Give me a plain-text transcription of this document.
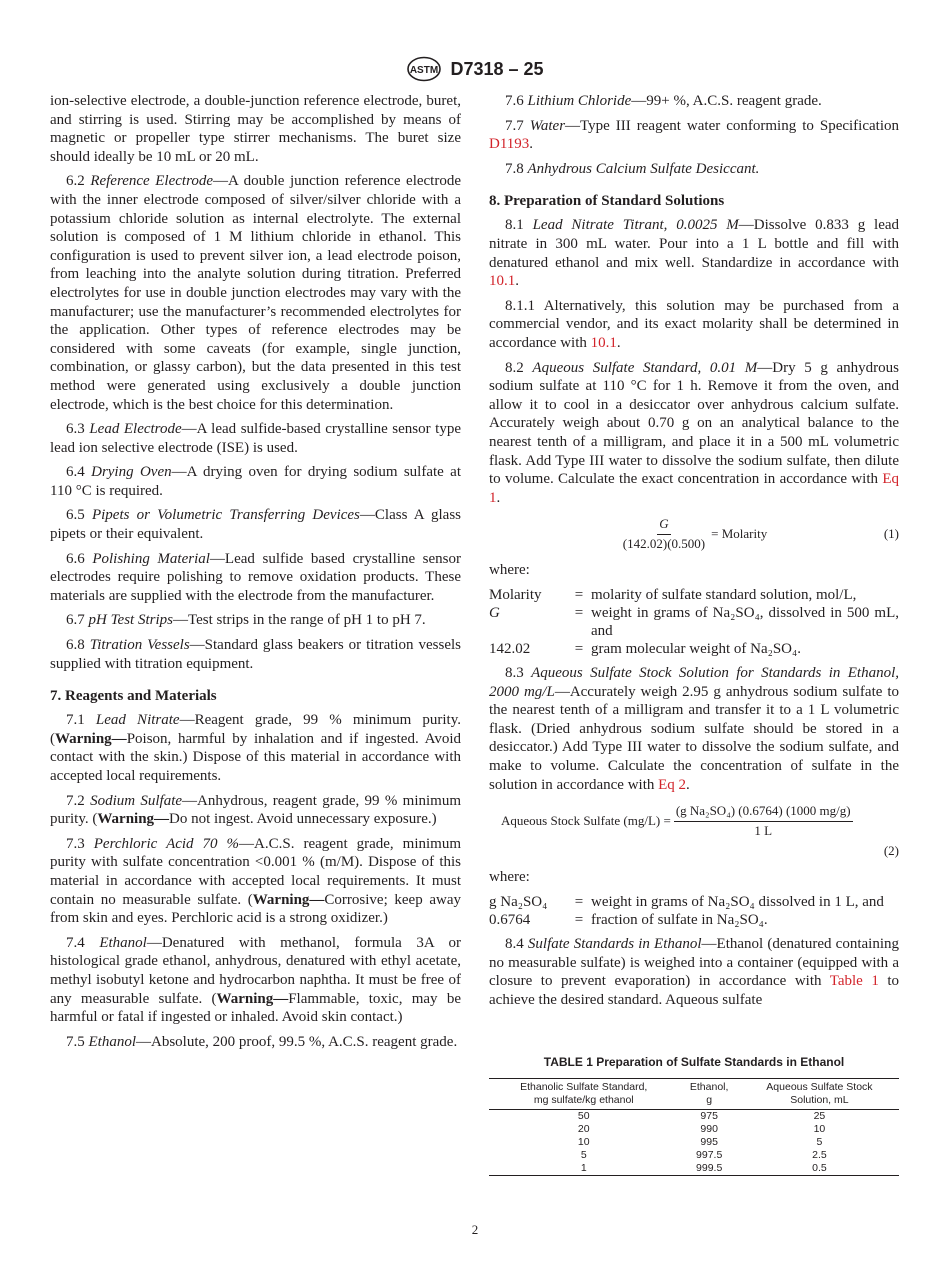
ASTM D7318 – 25

ion-selective electrode, a double-junction reference electrode, buret, and stirring is used. Stirring may be accomplished by means of magnetic or propeller type stirrer mechanisms. The buret size should ideally be 10 mL or 20 mL.

6.2 Reference Electrode—A double junction reference electrode with the inner electrode composed of silver/silver chloride with a potassium chloride solution as internal electrolyte. The external solution is composed of 1 M lithium chloride in ethanol. This configuration is used to prevent silver ion, a lead electrode poison, from leaching into the analyte solution during titration. Preferred electrolytes for use in double junction electrodes may vary with the manufacturer; use the manufacturer’s recommended electrolytes for the application. Other types of reference electrodes may be considered with some caveats (for example, single junction, combination, or glassy carbon), but the data presented in this test method were generated using exclusively a double junction electrode, which is the best choice for this determination.

6.3 Lead Electrode—A lead sulfide-based crystalline sensor type lead ion selective electrode (ISE) is used.

6.4 Drying Oven—A drying oven for drying sodium sulfate at 110 °C is required.

6.5 Pipets or Volumetric Transferring Devices—Class A glass pipets or their equivalent.

6.6 Polishing Material—Lead sulfide based crystalline sensor electrodes require polishing to remove oxidation products. These materials are supplied with the electrode from the manufacturer.

6.7 pH Test Strips—Test strips in the range of pH 1 to pH 7.

6.8 Titration Vessels—Standard glass beakers or titration vessels supplied with titration equipment.

7. Reagents and Materials

7.1 Lead Nitrate—Reagent grade, 99 % minimum purity. (Warning—Poison, harmful by inhalation and if ingested. Avoid contact with the skin.) Dispose of this material in accordance with accepted local requirements.

7.2 Sodium Sulfate—Anhydrous, reagent grade, 99 % minimum purity. (Warning—Do not ingest. Avoid unnecessary exposure.)

7.3 Perchloric Acid 70 %—A.C.S. reagent grade, minimum purity with sulfate concentration <0.001 % (m/M). Dispose of this material in accordance with accepted local requirements. It must contain no measurable sulfate. (Warning—Corrosive; keep away from skin and eyes. Perchloric acid is a strong oxidizer.)

7.4 Ethanol—Denatured with methanol, formula 3A or histological grade ethanol, anhydrous, denatured with ethyl acetate, methyl isobutyl ketone and hydrocarbon naphtha. It must be free of any measurable sulfate. (Warning—Flammable, toxic, may be harmful or fatal if ingested or inhaled. Avoid skin contact.)

7.5 Ethanol—Absolute, 200 proof, 99.5 %, A.C.S. reagent grade.

7.6 Lithium Chloride—99+ %, A.C.S. reagent grade.

7.7 Water—Type III reagent water conforming to Specification D1193.

7.8 Anhydrous Calcium Sulfate Desiccant.

8. Preparation of Standard Solutions

8.1 Lead Nitrate Titrant, 0.0025 M—Dissolve 0.833 g lead nitrate in 300 mL water. Pour into a 1 L bottle and fill with denatured ethanol and mix well. Standardize in accordance with 10.1.

8.1.1 Alternatively, this solution may be purchased from a commercial vendor, and its exact molarity shall be determined in accordance with 10.1.

8.2 Aqueous Sulfate Standard, 0.01 M—Dry 5 g anhydrous sodium sulfate at 110 °C for 1 h. Remove it from the oven, and allow it to cool in a desiccator over anhydrous calcium sulfate. Accurately weigh about 0.70 g on an analytical balance to the nearest tenth of a milligram, and place it in a 500 mL volumetric flask. Add Type III water to dissolve the sodium sulfate, then dilute to volume. Calculate the exact concentration in accordance with Eq 1.

$\frac{G}{(142.02)(0.500)}$ = Molarity	(1)

where:

Molarity	=	molarity of sulfate standard solution, mol/L,
G	=	weight in grams of Na₂SO₄, dissolved in 500 mL, and
142.02	=	gram molecular weight of Na₂SO₄.

8.3 Aqueous Sulfate Stock Solution for Standards in Ethanol, 2000 mg/L—Accurately weigh 2.95 g anhydrous sodium sulfate to the nearest tenth of a milligram and transfer it to a 1 L volumetric flask. (Dried anhydrous sodium sulfate should be stored in a desiccator.) Add Type III water to dissolve the sodium sulfate, and make to volume. Calculate the concentration of sulfate in the solution in accordance with Eq 2.

Aqueous Stock Sulfate $(mg/L) = \frac{\text{(g Na₂SO₄) (0.6764) (1000 mg/g)}}{1 L}$
(2)

where:

g Na₂SO₄	=	weight in grams of Na₂SO₄ dissolved in 1 L, and
0.6764	=	fraction of sulfate in Na₂SO₄.

8.4 Sulfate Standards in Ethanol—Ethanol (denatured containing no measurable sulfate) is weighed into a container (equipped with a closure to prevent evaporation) in accordance with Table 1 to achieve the desired standard. Aqueous sulfate

TABLE 1 Preparation of Sulfate Standards in Ethanol
Ethanolic Sulfate Standard,
mg sulfate/kg ethanol	Ethanol,
g	Aqueous Sulfate Stock
Solution, mL
50	975	25
20	990	10
10	995	5
5	997.5	2.5
1	999.5	0.5
2
